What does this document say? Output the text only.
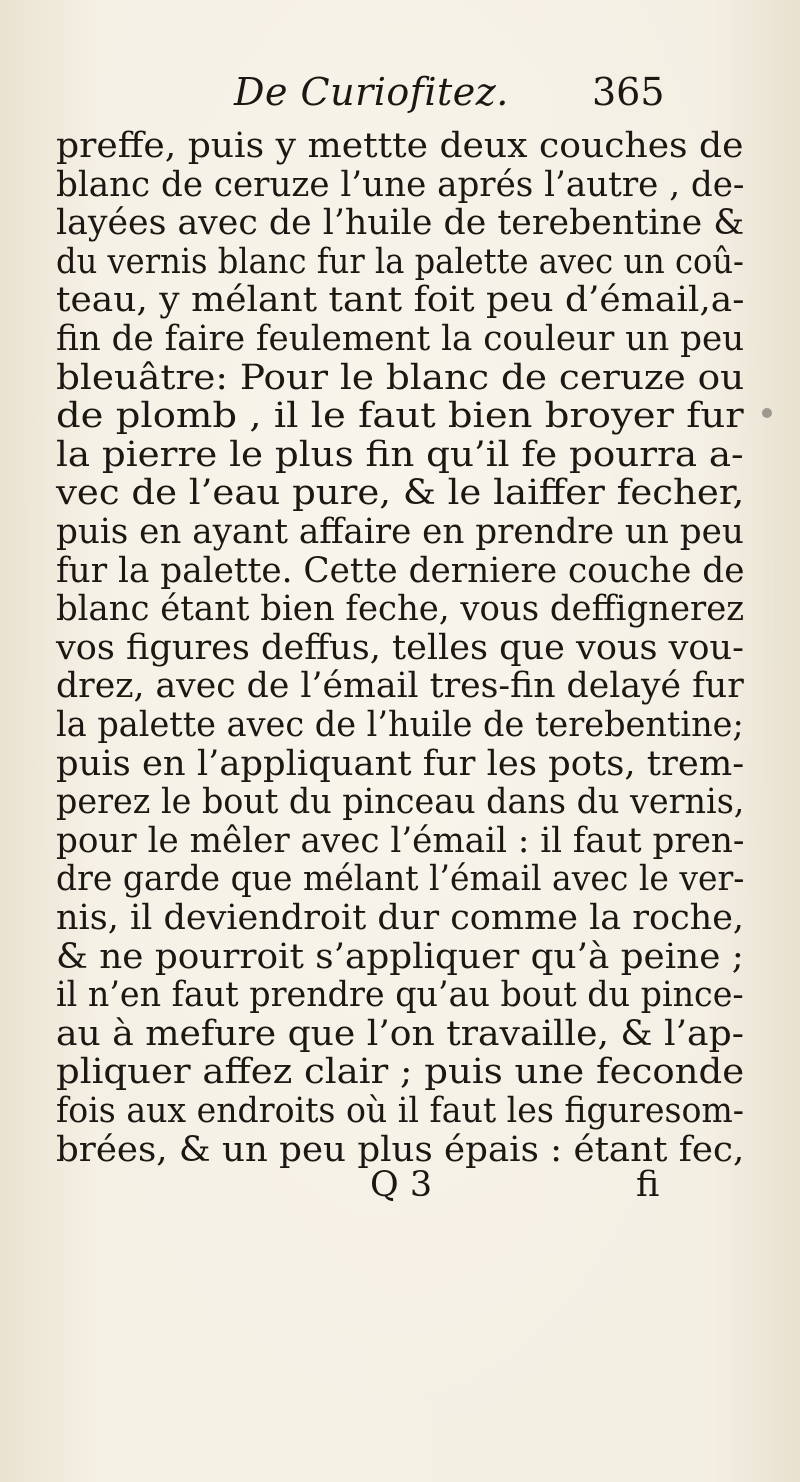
De Curiofitez. 365
preffe, puis y mettte deux couches de
blanc de ceruze l’une aprés l’autre , de-
layées avec de l’huile de terebentine &
du vernis blanc fur la palette avec un coû-
teau, y mélant tant foit peu d’émail,a-
fin de faire feulement la couleur un peu
bleuâtre: Pour le blanc de ceruze ou
de plomb , il le faut bien broyer fur
la pierre le plus fin qu’il fe pourra a-
vec de l’eau pure, & le laiffer fecher,
puis en ayant affaire en prendre un peu
fur la palette. Cette derniere couche de
blanc étant bien feche, vous deffignerez
vos figures deffus, telles que vous vou-
drez, avec de l’émail tres-fin delayé fur
la palette avec de l’huile de terebentine;
puis en l’appliquant fur les pots, trem-
perez le bout du pinceau dans du vernis,
pour le mêler avec l’émail : il faut pren-
dre garde que mélant l’émail avec le ver-
nis, il deviendroit dur comme la roche,
& ne pourroit s’appliquer qu’à peine ;
il n’en faut prendre qu’au bout du pince-
au à mefure que l’on travaille, & l’ap-
pliquer affez clair ; puis une feconde
fois aux endroits où il faut les figuresom-
brées, & un peu plus épais : étant fec,
Q 3	fi
